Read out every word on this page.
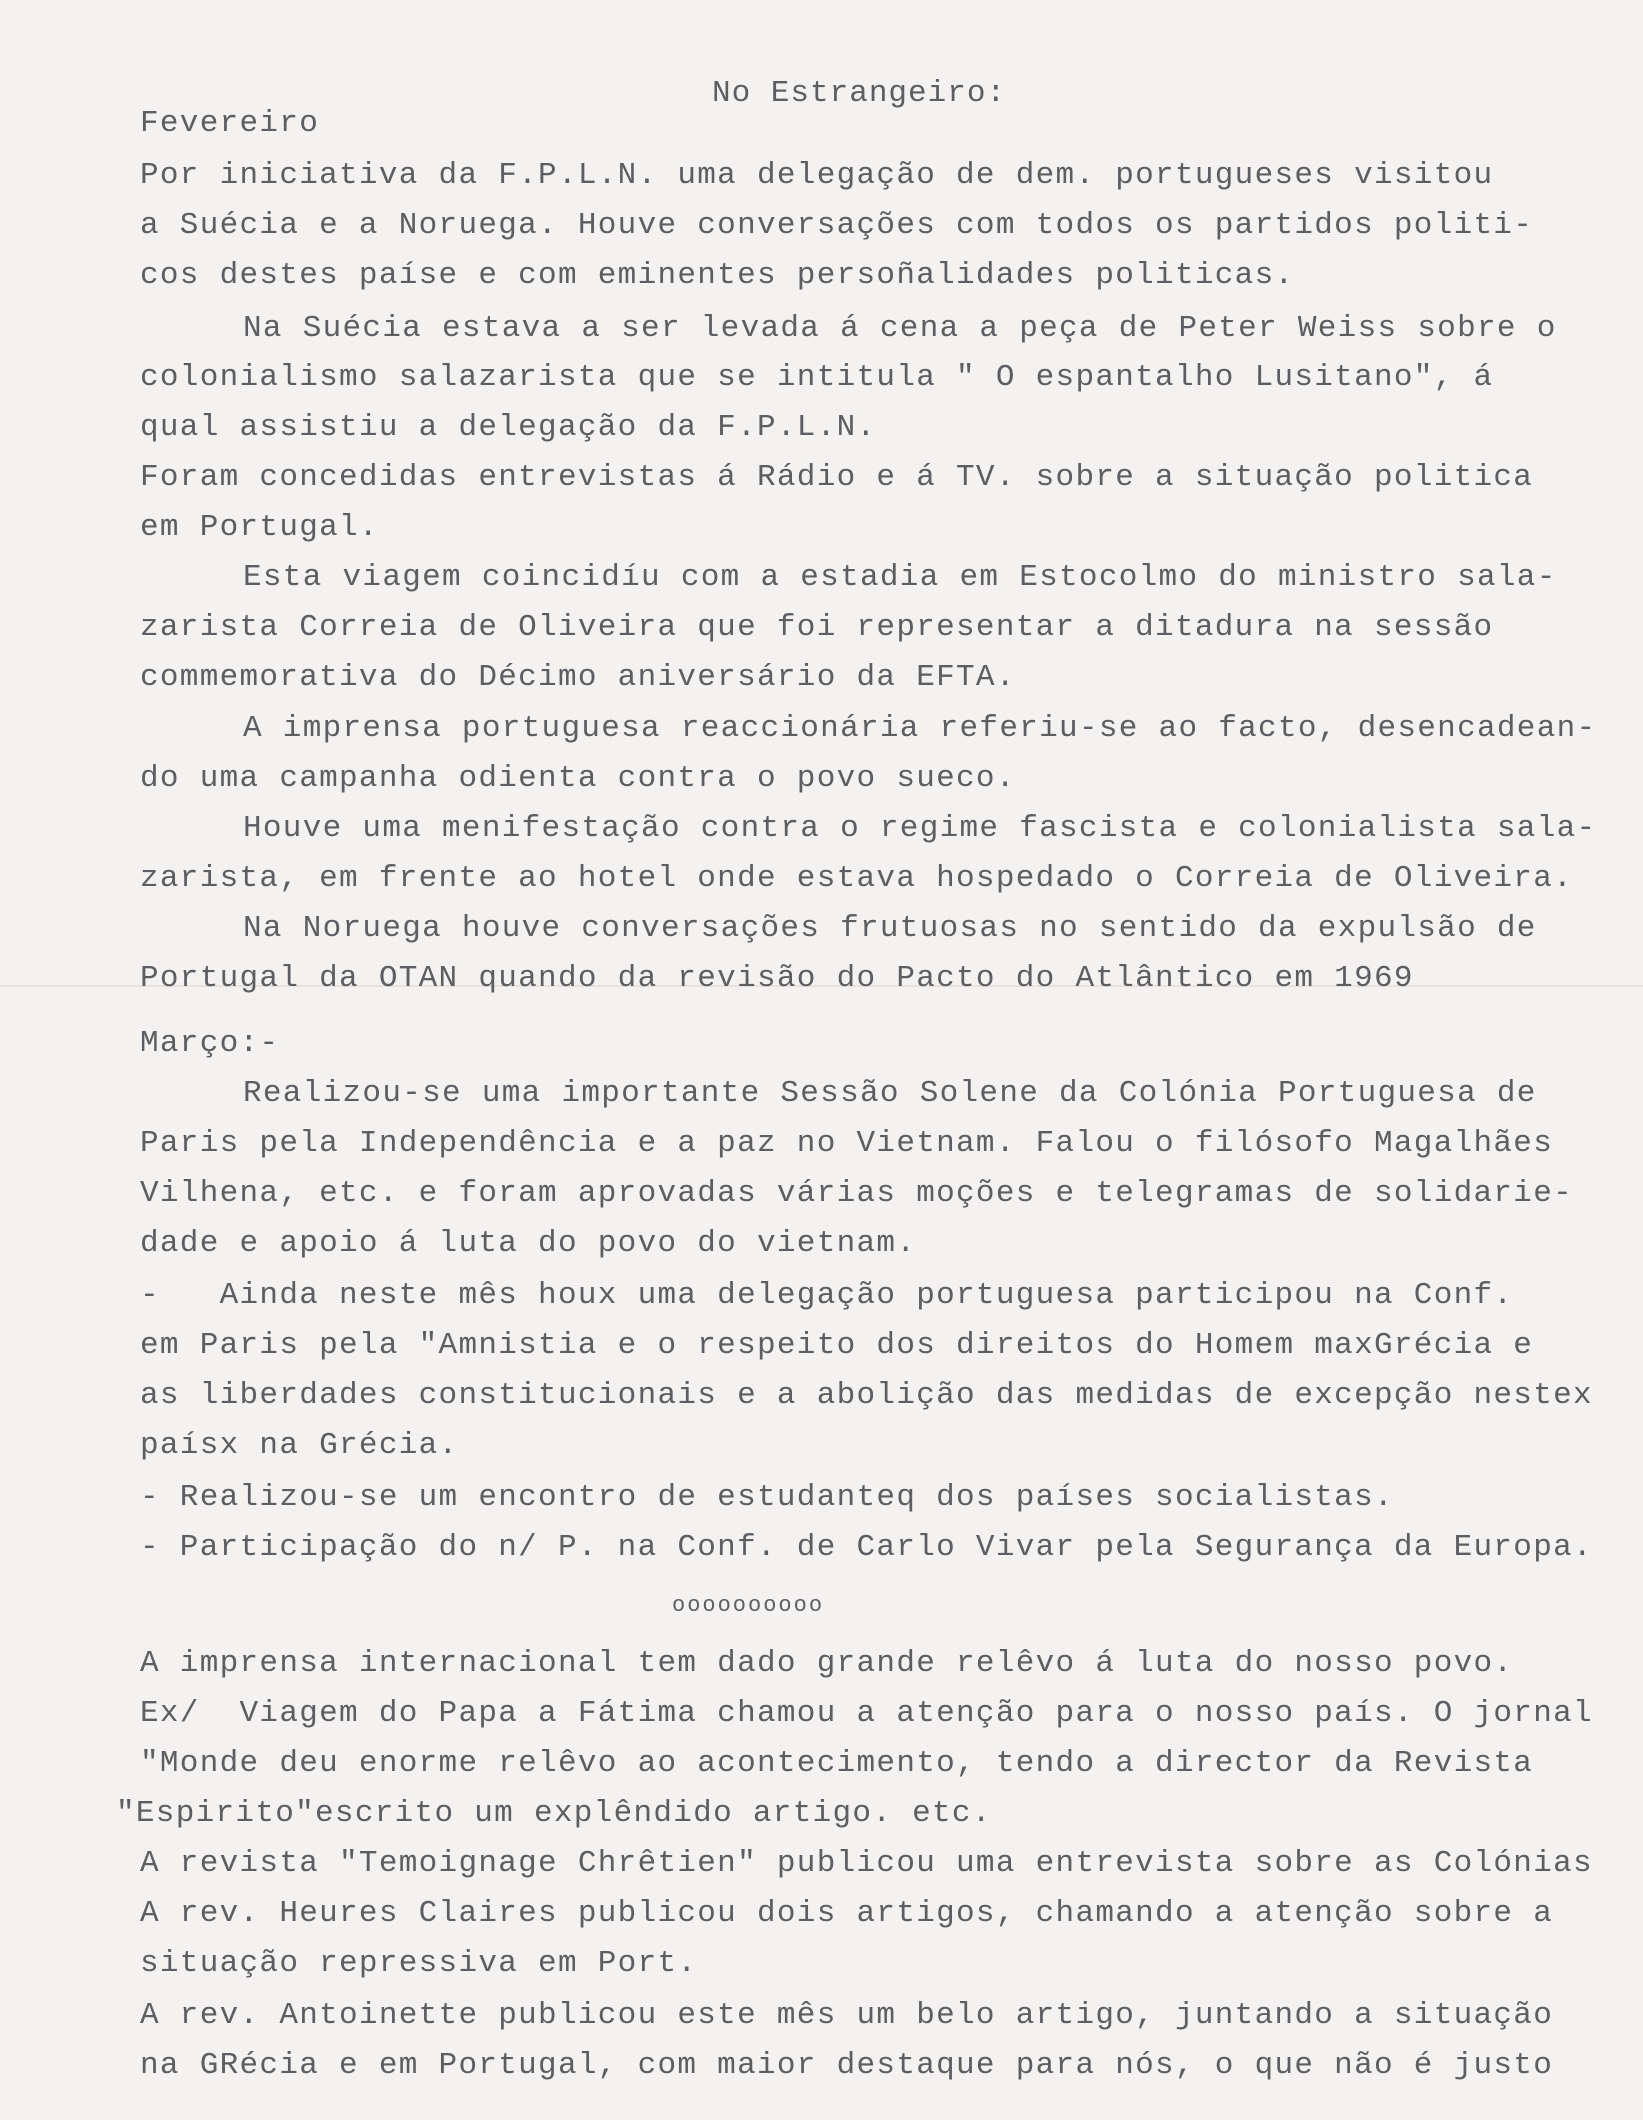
No Estrangeiro:
Fevereiro
Por iniciativa da F.P.L.N. uma delegação de dem. portugueses visitou
a Suécia e a Noruega. Houve conversações com todos os partidos politi-
cos destes paíse e com eminentes persoñalidades politicas.
Na Suécia estava a ser levada á cena a peça de Peter Weiss sobre o
colonialismo salazarista que se intitula " O espantalho Lusitano", á
qual assistiu a delegação da F.P.L.N.
Foram concedidas entrevistas á Rádio e á TV. sobre a situação politica
em Portugal.
Esta viagem coincidíu com a estadia em Estocolmo do ministro sala-
zarista Correia de Oliveira que foi representar a ditadura na sessão
commemorativa do Décimo aniversário da EFTA.
A imprensa portuguesa reaccionária referiu-se ao facto, desencadean-
do uma campanha odienta contra o povo sueco.
Houve uma menifestação contra o regime fascista e colonialista sala-
zarista, em frente ao hotel onde estava hospedado o Correia de Oliveira.
Na Noruega houve conversações frutuosas no sentido da expulsão de
Portugal da OTAN quando da revisão do Pacto do Atlântico em 1969
Março:-
Realizou-se uma importante Sessão Solene da Colónia Portuguesa de
Paris pela Independência e a paz no Vietnam. Falou o filósofo Magalhães
Vilhena, etc. e foram aprovadas várias moções e telegramas de solidarie-
dade e apoio á luta do povo do vietnam.
-   Ainda neste mês houx uma delegação portuguesa participou na Conf.
em Paris pela "Amnistia e o respeito dos direitos do Homem maxGrécia e
as liberdades constitucionais e a abolição das medidas de excepção nestex
paísx na Grécia.
- Realizou-se um encontro de estudanteq dos países socialistas.
- Participação do n/ P. na Conf. de Carlo Vivar pela Segurança da Europa.
oooooooooo
A imprensa internacional tem dado grande relêvo á luta do nosso povo.
Ex/  Viagem do Papa a Fátima chamou a atenção para o nosso país. O jornal
"Monde deu enorme relêvo ao acontecimento, tendo a director da Revista
"Espirito"escrito um explêndido artigo. etc.
A revista "Temoignage Chrêtien" publicou uma entrevista sobre as Colónias
A rev. Heures Claires publicou dois artigos, chamando a atenção sobre a
situação repressiva em Port.
A rev. Antoinette publicou este mês um belo artigo, juntando a situação
na GRécia e em Portugal, com maior destaque para nós, o que não é justo
